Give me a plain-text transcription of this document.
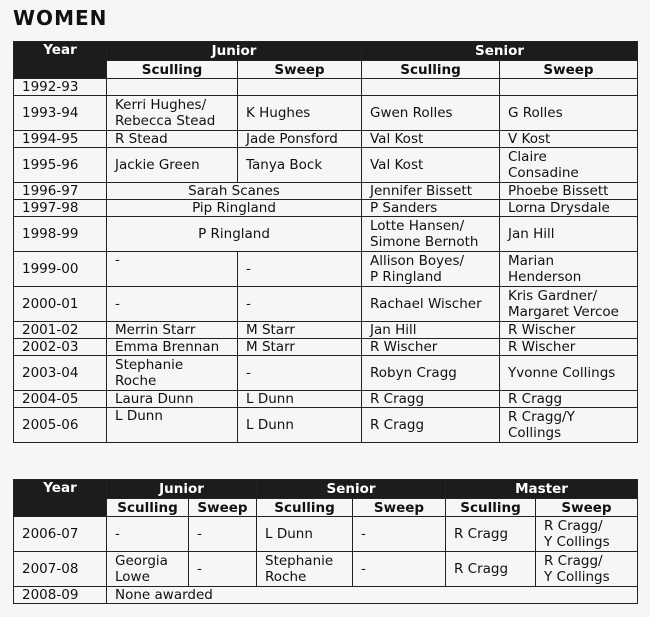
WOMEN
Year	Junior		Senior	
	Sculling	Sweep	Sculling	Sweep
1992-93				
1993-94	Kerri Hughes/
Rebecca Stead	K Hughes	Gwen Rolles	G Rolles
1994-95	R Stead	Jade Ponsford	Val Kost	V Kost
1995-96	Jackie Green	Tanya Bock	Val Kost	Claire
Consadine
1996-97	Sarah Scanes		Jennifer Bissett	Phoebe Bissett
1997-98	Pip Ringland		P Sanders	Lorna Drysdale
1998-99	P Ringland		Lotte Hansen/
Simone Bernoth	Jan Hill
1999-00	-	-	Allison Boyes/
P Ringland	Marian
Henderson
2000-01	-	-	Rachael Wischer	Kris Gardner/
Margaret Vercoe
2001-02	Merrin Starr	M Starr	Jan Hill	R Wischer
2002-03	Emma Brennan	M Starr	R Wischer	R Wischer
2003-04	Stephanie
Roche	-	Robyn Cragg	Yvonne Collings
2004-05	Laura Dunn	L Dunn	R Cragg	R Cragg
2005-06	L Dunn	L Dunn	R Cragg	R Cragg/Y
Collings
Year	Junior		Senior		Master	
	Sculling	Sweep	Sculling	Sweep	Sculling	Sweep
2006-07	-	-	L Dunn	-	R Cragg	R Cragg/
Y Collings
2007-08	Georgia
Lowe	-	Stephanie
Roche	-	R Cragg	R Cragg/
Y Collings
2008-09	None awarded					
